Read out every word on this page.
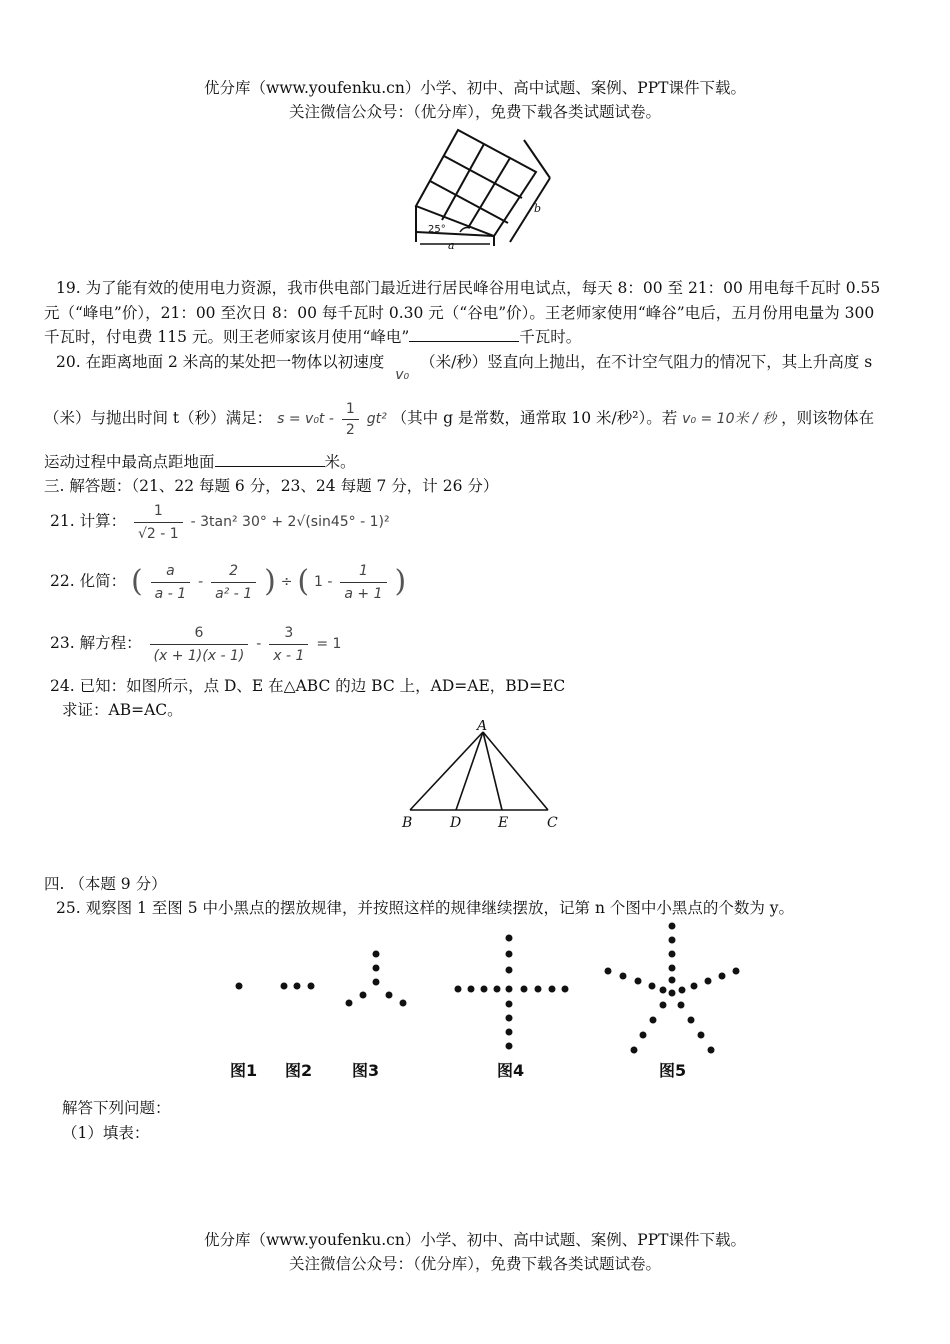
优分库（www.youfenku.cn）小学、初中、高中试题、案例、PPT课件下载。
关注微信公众号：（优分库），免费下载各类试题试卷。
25°
a
b
19. 为了能有效的使用电力资源，我市供电部门最近进行居民峰谷用电试点，每天 8：00 至 21：00 用电每千瓦时 0.55
元（“峰电”价），21：00 至次日 8：00 每千瓦时 0.30 元（“谷电”价）。王老师家使用“峰谷”电后，五月份用电量为 300
千瓦时，付电费 115 元。则王老师家该月使用“峰电”	千瓦时。
20. 在距离地面 2 米高的某处把一物体以初速度 v₀ （米/秒）竖直向上抛出，在不计空气阻力的情况下，其上升高度 s
（米）与抛出时间 t（秒）满足： $s = v_0t - \frac{1}{2} gt^2$ （其中 g 是常数，通常取 10 米/秒²）。若 v₀ = 10米 / 秒 ，则该物体在
运动过程中最高点距地面	米。
三. 解答题：（21、22 每题 6 分，23、24 每题 7 分，计 26 分）
21. 计算： $\frac{1}{√2 - 1} - 3\tan^2$ 30° + 2√(sin45° - 1)²
22. 化简： ( $\frac{a}{a - 1} - \frac{2}{\text{a² - 1}}$ ) ÷ ( $1 - \frac{1}{a + 1}$ )
23. 解方程： $\frac{6}{(x + 1)(x - 1)} - \frac{3}{x - 1} = 1$
24. 已知：如图所示，点 D、E 在△ABC 的边 BC 上，AD=AE，BD=EC
求证：AB=AC。
A
B	D	E	C
四. （本题 9 分）
25. 观察图 1 至图 5 中小黑点的摆放规律，并按照这样的规律继续摆放，记第 n 个图中小黑点的个数为 y。
图1 图2 图3	图4	图5
解答下列问题：
（1）填表：
优分库（www.youfenku.cn）小学、初中、高中试题、案例、PPT课件下载。
关注微信公众号：（优分库），免费下载各类试题试卷。
